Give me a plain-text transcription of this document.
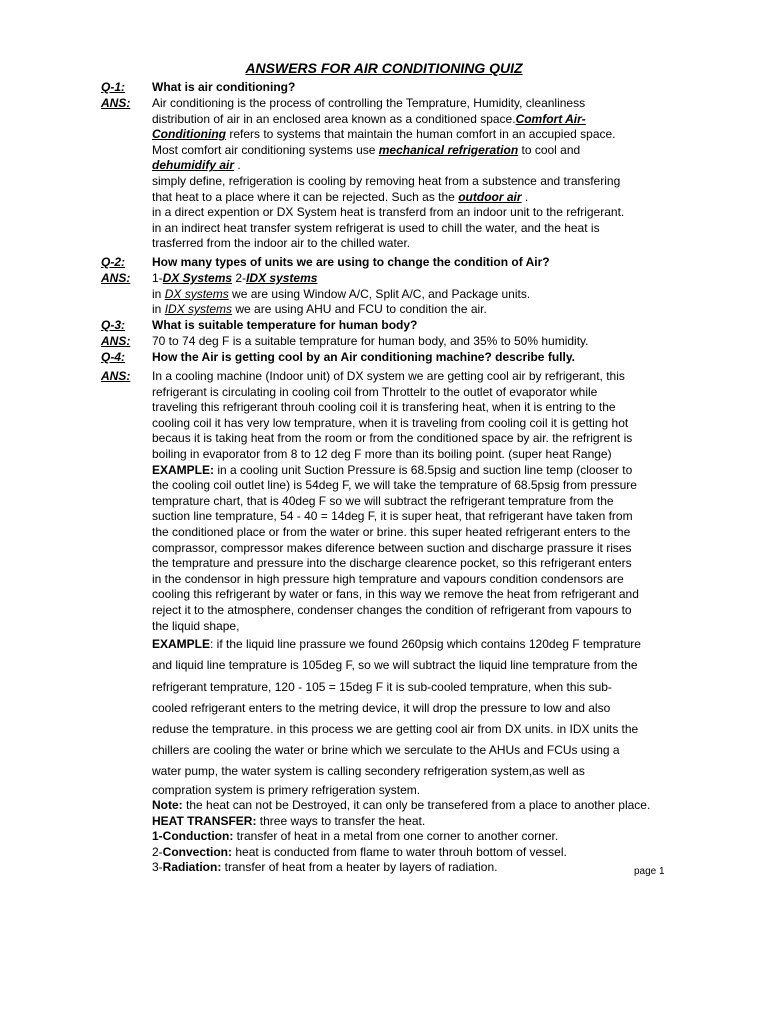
ANSWERS FOR AIR CONDITIONING QUIZ
Q-1: What is air conditioning?
ANS: Air conditioning is the process of controlling the Temprature, Humidity, cleanliness
distribution of air in an enclosed area known as a conditioned space.Comfort Air-
Conditioning refers to systems that maintain the human comfort in an accupied space.
Most comfort air conditioning systems use mechanical refrigeration to cool and
dehumidify air .
simply define, refrigeration is cooling by removing heat from a substence and transfering
that heat to a place where it can be rejected. Such as the outdoor air .
in a direct expention or DX System heat is transferd from an indoor unit to the refrigerant.
in an indirect heat transfer system refrigerat is used to chill the water, and the heat is
trasferred from the indoor air to the chilled water.
Q-2: How many types of units we are using to change the condition of Air?
ANS: 1-DX Systems 2-IDX systems
in DX systems we are using Window A/C, Split A/C, and Package units.
in IDX systems we are using AHU and FCU to condition the air.
Q-3: What is suitable temperature for human body?
ANS: 70 to 74 deg F is a suitable temprature for human body, and 35% to 50% humidity.
Q-4: How the Air is getting cool by an Air conditioning machine? describe fully.
ANS: In a cooling machine (Indoor unit) of DX system we are getting cool air by refrigerant, this
refrigerant is circulating in cooling coil from Throttelr to the outlet of evaporator while
traveling this refrigerant throuh cooling coil it is transfering heat, when it is entring to the
cooling coil it has very low temprature, when it is traveling from cooling coil it is getting hot
becaus it is taking heat from the room or from the conditioned space by air. the refrigrent is
boiling in evaporator from 8 to 12 deg F more than its boiling point. (super heat Range)
EXAMPLE: in a cooling unit Suction Pressure is 68.5psig and suction line temp (clooser to
the cooling coil outlet line) is 54deg F, we will take the temprature of 68.5psig from pressure
temprature chart, that is 40deg F so we will subtract the refrigerant temprature from the
suction line temprature, 54 - 40 = 14deg F, it is super heat, that refrigerant have taken from
the conditioned place or from the water or brine. this super heated refrigerant enters to the
comprassor, compressor makes diference between suction and discharge prassure it rises
the temprature and pressure into the discharge clearence pocket, so this refrigerant enters
in the condensor in high pressure high temprature and vapours condition condensors are
cooling this refrigerant by water or fans, in this way we remove the heat from refrigerant and
reject it to the atmosphere, condenser changes the condition of refrigerant from vapours to
the liquid shape,
EXAMPLE: if the liquid line prassure we found 260psig which contains 120deg F temprature
and liquid line temprature is 105deg F, so we will subtract the liquid line temprature from the
refrigerant temprature, 120 - 105 = 15deg F it is sub-cooled temprature, when this sub-
cooled refrigerant enters to the metring device, it will drop the pressure to low and also
reduse the temprature. in this process we are getting cool air from DX units. in IDX units the
chillers are cooling the water or brine which we serculate to the AHUs and FCUs using a
water pump, the water system is calling secondery refrigeration system,as well as
compration system is primery refrigeration system.
Note: the heat can not be Destroyed, it can only be transefered from a place to another place.
HEAT TRANSFER: three ways to transfer the heat.
1-Conduction: transfer of heat in a metal from one corner to another corner.
2-Convection: heat is conducted from flame to water throuh bottom of vessel.
3-Radiation: transfer of heat from a heater by layers of radiation.	page 1
